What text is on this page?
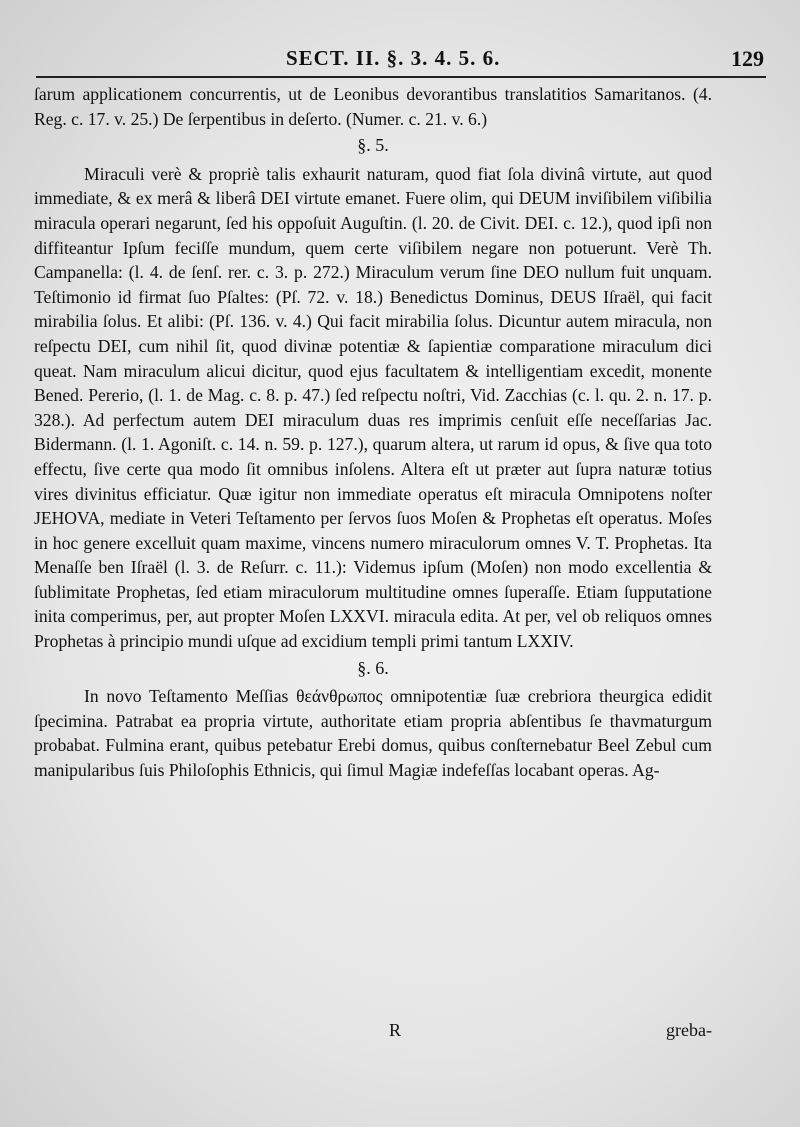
SECT. II. §. 3. 4. 5. 6.	129

ſarum applicationem concurrentis, ut de Leonibus devorantibus translatitios Samaritanos. (4. Reg. c. 17. v. 25.) De ſerpentibus in deſerto. (Numer. c. 21. v. 6.)

§. 5.

Miraculi verè & propriè talis exhaurit naturam, quod fiat ſola divinâ virtute, aut quod immediate, & ex merâ & liberâ DEI virtute emanet. Fuere olim, qui DEUM inviſibilem viſibilia miracula operari negarunt, ſed his oppoſuit Auguſtin. (l. 20. de Civit. DEI. c. 12.), quod ipſi non diffiteantur Ipſum feciſſe mundum, quem certe viſibilem negare non potuerunt. Verè Th. Campanella: (l. 4. de ſenſ. rer. c. 3. p. 272.) Miraculum verum ſine DEO nullum fuit unquam. Teſtimonio id firmat ſuo Pſaltes: (Pſ. 72. v. 18.) Benedictus Dominus, DEUS Iſraël, qui facit mirabilia ſolus. Et alibi: (Pſ. 136. v. 4.) Qui facit mirabilia ſolus. Dicuntur autem miracula, non reſpectu DEI, cum nihil ſit, quod divinæ potentiæ & ſapientiæ comparatione miraculum dici queat. Nam miraculum alicui dicitur, quod ejus facultatem & intelligentiam excedit, monente Bened. Pererio, (l. 1. de Mag. c. 8. p. 47.) ſed reſpectu noſtri, Vid. Zacchias (c. l. qu. 2. n. 17. p. 328.). Ad perfectum autem DEI miraculum duas res imprimis cenſuit eſſe neceſſarias Jac. Bidermann. (l. 1. Agoniſt. c. 14. n. 59. p. 127.), quarum altera, ut rarum id opus, & ſive qua toto effectu, ſive certe qua modo ſit omnibus inſolens. Altera eſt ut præter aut ſupra naturæ totius vires divinitus efficiatur. Quæ igitur non immediate operatus eſt miracula Omnipotens noſter JEHOVA, mediate in Veteri Teſtamento per ſervos ſuos Moſen & Prophetas eſt operatus. Moſes in hoc genere excelluit quam maxime, vincens numero miraculorum omnes V. T. Prophetas. Ita Menaſſe ben Iſraël (l. 3. de Reſurr. c. 11.): Videmus ipſum (Moſen) non modo excellentia & ſublimitate Prophetas, ſed etiam miraculorum multitudine omnes ſuperaſſe. Etiam ſupputatione inita comperimus, per, aut propter Moſen LXXVI. miracula edita. At per, vel ob reliquos omnes Prophetas à principio mundi uſque ad excidium templi primi tantum LXXIV.

§. 6.

In novo Teſtamento Meſſias θεάνθρωπος omnipotentiæ ſuæ crebriora theurgica edidit ſpecimina. Patrabat ea propria virtute, authoritate etiam propria abſentibus ſe thavmaturgum probabat. Fulmina erant, quibus petebatur Erebi domus, quibus conſternebatur Beel Zebul cum manipularibus ſuis Philoſophis Ethnicis, qui ſimul Magiæ indefeſſas locabant operas. Ag-

R	greba-
